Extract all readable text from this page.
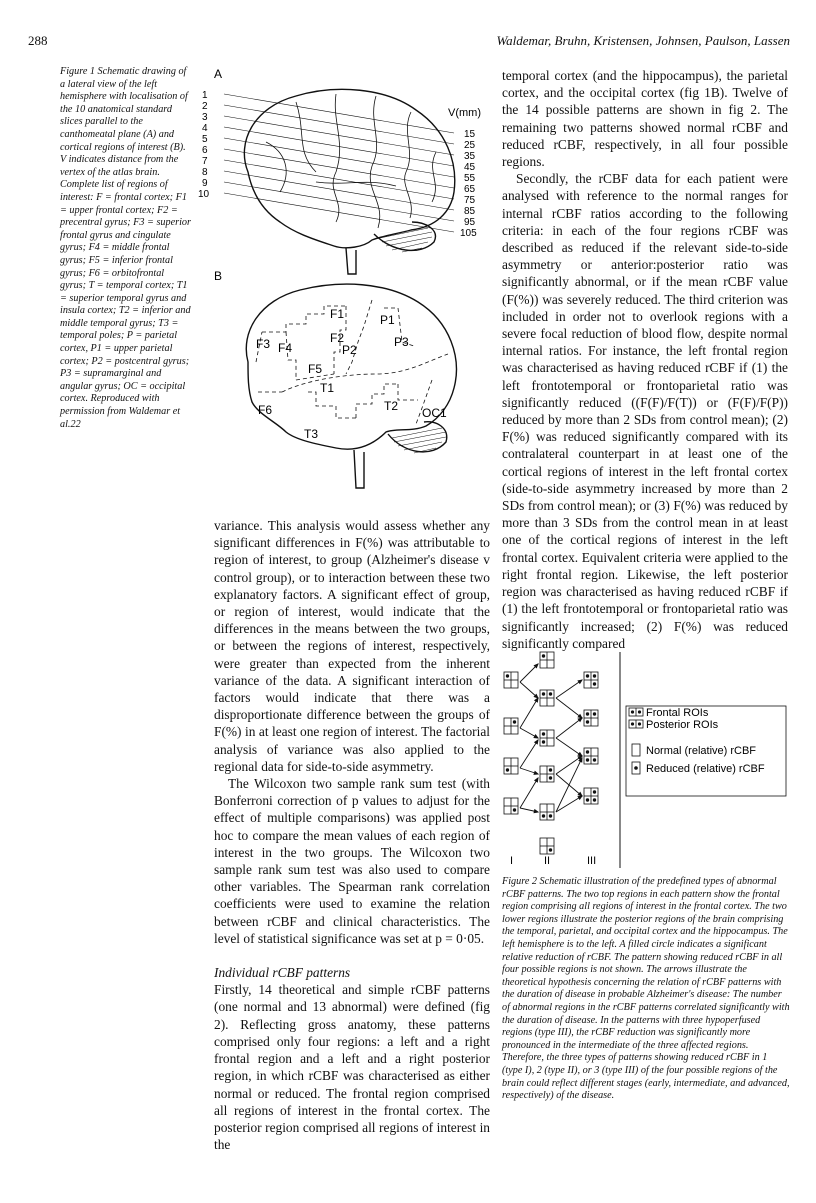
288	Waldemar, Bruhn, Kristensen, Johnsen, Paulson, Lassen
Figure 1 Schematic drawing of a lateral view of the left hemisphere with localisation of the 10 anatomical standard slices parallel to the canthomeatal plane (A) and cortical regions of interest (B). V indicates distance from the vertex of the atlas brain. Complete list of regions of interest: F = frontal cortex; F1 = upper frontal cortex; F2 = precentral gyrus; F3 = superior frontal gyrus and cingulate gyrus; F4 = middle frontal gyrus; F5 = inferior frontal gyrus; F6 = orbitofrontal gyrus; T = temporal cortex; T1 = superior temporal gyrus and insula cortex; T2 = inferior and middle temporal gyrus; T3 = temporal poles; P = parietal cortex, P1 = upper parietal cortex; P2 = postcentral gyrus; P3 = supramarginal and angular gyrus; OC = occipital cortex. Reproduced with permission from Waldemar et al.22
A
V(mm)
1
2
3
4
5
6
7
8
9
10
15
25
35
45
55
65
75
85
95
105
B
F1	P1
F2
F3 F4	P2
P3
F5
T1
T2
F6	OC1
T3

variance. This analysis would assess whether any significant differences in F(%) was attributable to region of interest, to group (Alzheimer's disease v control group), or to interaction between these two explanatory factors. A significant effect of group, or region of interest, would indicate that the differences in the means between the two groups, or between the regions of interest, respectively, were greater than expected from the inherent variance of the data. A significant interaction of factors would indicate that there was a disproportionate difference between the groups of F(%) in at least one region of interest. The factorial analysis of variance was also applied to the regional data for side-to-side asymmetry.

The Wilcoxon two sample rank sum test (with Bonferroni correction of p values to adjust for the effect of multiple comparisons) was applied post hoc to compare the mean values of each region of interest in the two groups. The Wilcoxon two sample rank sum test was also used to compare other variables. The Spearman rank correlation coefficients were used to examine the relation between rCBF and clinical characteristics. The level of statistical significance was set at p = 0·05.

Individual rCBF patterns

Firstly, 14 theoretical and simple rCBF patterns (one normal and 13 abnormal) were defined (fig 2). Reflecting gross anatomy, these patterns comprised only four regions: a left and a right frontal region and a left and a right posterior region, in which rCBF was characterised as either normal or reduced. The frontal region comprised all regions of interest in the frontal cortex. The posterior region comprised all regions of interest in the

temporal cortex (and the hippocampus), the parietal cortex, and the occipital cortex (fig 1B). Twelve of the 14 possible patterns are shown in fig 2. The remaining two patterns showed normal rCBF and reduced rCBF, respectively, in all four possible regions.

Secondly, the rCBF data for each patient were analysed with reference to the normal ranges for internal rCBF ratios according to the following criteria: in each of the four regions rCBF was described as reduced if the relevant side-to-side asymmetry or anterior:posterior ratio was significantly abnormal, or if the mean rCBF value (F(%)) was severely reduced. The third criterion was included in order not to overlook regions with a severe focal reduction of blood flow, despite normal internal ratios. For instance, the left frontal region was characterised as having reduced rCBF if (1) the left frontotemporal or frontoparietal ratio was significantly reduced ((F(F)/F(T)) or (F(F)/F(P)) reduced by more than 2 SDs from control mean); (2) F(%) was reduced significantly compared with its contralateral counterpart in at least one of the cortical regions of interest in the left frontal cortex (side-to-side asymmetry increased by more than 2 SDs from control mean); or (3) F(%) was reduced by more than 3 SDs from the control mean in at least one of the cortical regions of interest in the left frontal cortex. Equivalent criteria were applied to the right frontal region. Likewise, the left posterior region was characterised as having reduced rCBF if (1) the left frontotemporal or frontoparietal ratio was significantly increased; (2) F(%) was reduced significantly compared

I	II	III
Frontal ROIs
Posterior ROIs
Normal (relative) rCBF
Reduced (relative) rCBF
Figure 2 Schematic illustration of the predefined types of abnormal rCBF patterns. The two top regions in each pattern show the frontal region comprising all regions of interest in the frontal cortex. The two lower regions illustrate the posterior regions of the brain comprising the temporal, parietal, and occipital cortex and the hippocampus. The left hemisphere is to the left. A filled circle indicates a significant relative reduction of rCBF. The pattern showing reduced rCBF in all four possible regions is not shown. The arrows illustrate the theoretical hypothesis concerning the relation of rCBF patterns with the duration of disease in probable Alzheimer's disease: The number of abnormal regions in the rCBF patterns correlated significantly with the duration of disease. In the patterns with three hypoperfused regions (type III), the rCBF reduction was significantly more pronounced in the intermediate of the three affected regions. Therefore, the three types of patterns showing reduced rCBF in 1 (type I), 2 (type II), or 3 (type III) of the four possible regions of the brain could reflect different stages (early, intermediate, and advanced, respectively) of the disease.
